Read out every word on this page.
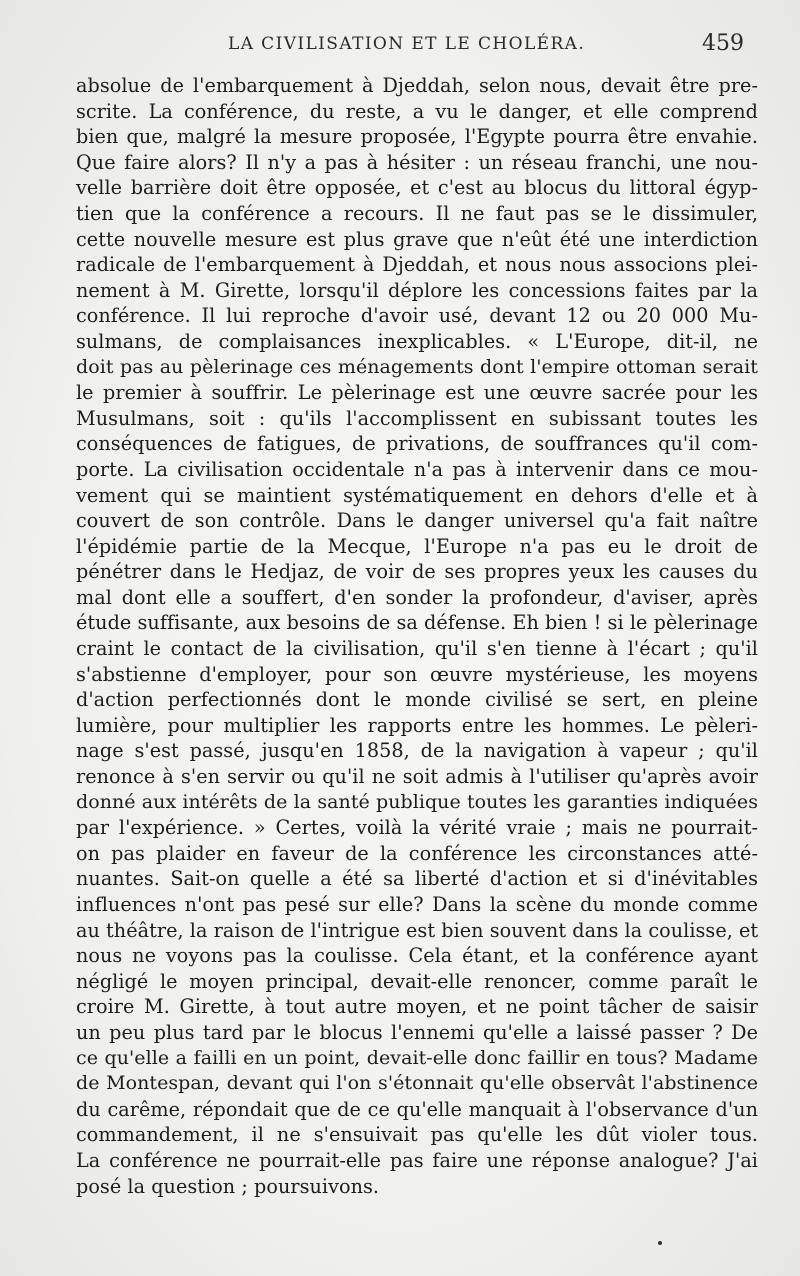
LA CIVILISATION ET LE CHOLÉRA.	459
absolue de l'embarquement à Djeddah, selon nous, devait être pre-
scrite. La conférence, du reste, a vu le danger, et elle comprend
bien que, malgré la mesure proposée, l'Egypte pourra être envahie.
Que faire alors? Il n'y a pas à hésiter : un réseau franchi, une nou-
velle barrière doit être opposée, et c'est au blocus du littoral égyp-
tien que la conférence a recours. Il ne faut pas se le dissimuler,
cette nouvelle mesure est plus grave que n'eût été une interdiction
radicale de l'embarquement à Djeddah, et nous nous associons plei-
nement à M. Girette, lorsqu'il déplore les concessions faites par la
conférence. Il lui reproche d'avoir usé, devant 12 ou 20 000 Mu-
sulmans, de complaisances inexplicables. « L'Europe, dit-il, ne
doit pas au pèlerinage ces ménagements dont l'empire ottoman serait
le premier à souffrir. Le pèlerinage est une œuvre sacrée pour les
Musulmans, soit : qu'ils l'accomplissent en subissant toutes les
conséquences de fatigues, de privations, de souffrances qu'il com-
porte. La civilisation occidentale n'a pas à intervenir dans ce mou-
vement qui se maintient systématiquement en dehors d'elle et à
couvert de son contrôle. Dans le danger universel qu'a fait naître
l'épidémie partie de la Mecque, l'Europe n'a pas eu le droit de
pénétrer dans le Hedjaz, de voir de ses propres yeux les causes du
mal dont elle a souffert, d'en sonder la profondeur, d'aviser, après
étude suffisante, aux besoins de sa défense. Eh bien ! si le pèlerinage
craint le contact de la civilisation, qu'il s'en tienne à l'écart ; qu'il
s'abstienne d'employer, pour son œuvre mystérieuse, les moyens
d'action perfectionnés dont le monde civilisé se sert, en pleine
lumière, pour multiplier les rapports entre les hommes. Le pèleri-
nage s'est passé, jusqu'en 1858, de la navigation à vapeur ; qu'il
renonce à s'en servir ou qu'il ne soit admis à l'utiliser qu'après avoir
donné aux intérêts de la santé publique toutes les garanties indiquées
par l'expérience. » Certes, voilà la vérité vraie ; mais ne pourrait-
on pas plaider en faveur de la conférence les circonstances atté-
nuantes. Sait-on quelle a été sa liberté d'action et si d'inévitables
influences n'ont pas pesé sur elle? Dans la scène du monde comme
au théâtre, la raison de l'intrigue est bien souvent dans la coulisse, et
nous ne voyons pas la coulisse. Cela étant, et la conférence ayant
négligé le moyen principal, devait-elle renoncer, comme paraît le
croire M. Girette, à tout autre moyen, et ne point tâcher de saisir
un peu plus tard par le blocus l'ennemi qu'elle a laissé passer ? De
ce qu'elle a failli en un point, devait-elle donc faillir en tous? Madame
de Montespan, devant qui l'on s'étonnait qu'elle observât l'abstinence
du carême, répondait que de ce qu'elle manquait à l'observance d'un
commandement, il ne s'ensuivait pas qu'elle les dût violer tous.
La conférence ne pourrait-elle pas faire une réponse analogue? J'ai
posé la question ; poursuivons.
